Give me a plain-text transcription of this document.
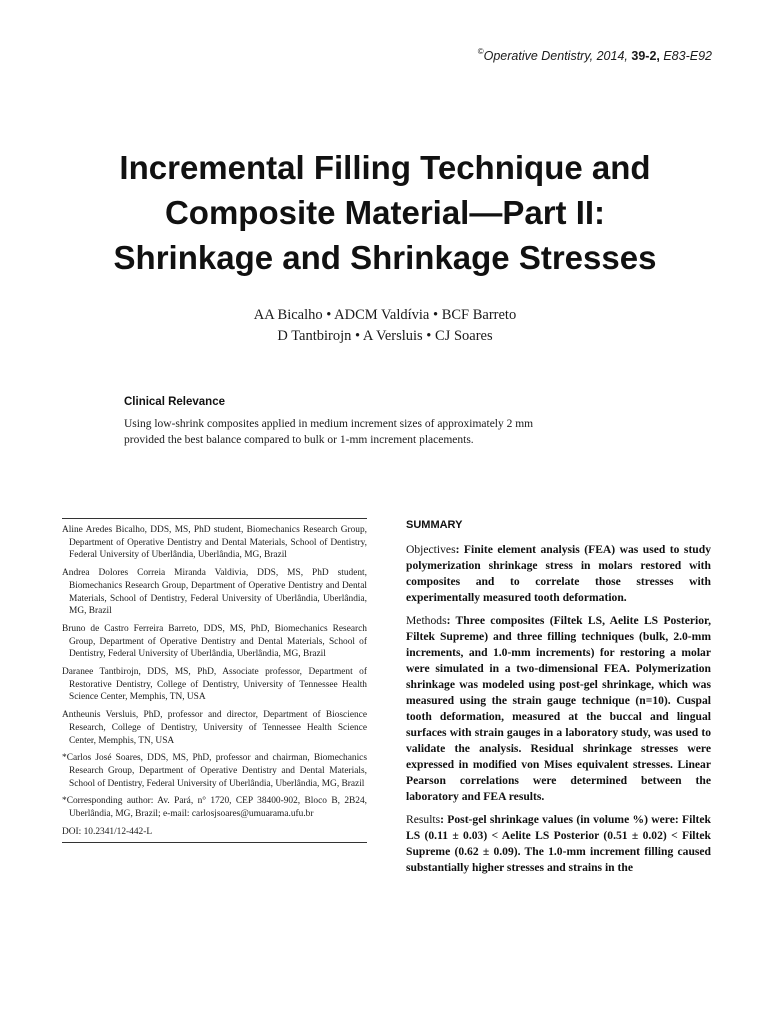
©Operative Dentistry, 2014, 39-2, E83-E92
Incremental Filling Technique and
Composite Material—Part II:
Shrinkage and Shrinkage Stresses
AA Bicalho • ADCM Valdívia • BCF Barreto
D Tantbirojn • A Versluis • CJ Soares
Clinical Relevance
Using low-shrink composites applied in medium increment sizes of approximately 2 mm
provided the best balance compared to bulk or 1-mm increment placements.

Aline Aredes Bicalho, DDS, MS, PhD student, Biomechanics Research Group, Department of Operative Dentistry and Dental Materials, School of Dentistry, Federal University of Uberlândia, Uberlândia, MG, Brazil

Andrea Dolores Correia Miranda Valdivia, DDS, MS, PhD student, Biomechanics Research Group, Department of Operative Dentistry and Dental Materials, School of Dentistry, Federal University of Uberlândia, Uberlândia, MG, Brazil

Bruno de Castro Ferreira Barreto, DDS, MS, PhD, Biomechanics Research Group, Department of Operative Dentistry and Dental Materials, School of Dentistry, Federal University of Uberlândia, Uberlândia, MG, Brazil

Daranee Tantbirojn, DDS, MS, PhD, Associate professor, Department of Restorative Dentistry, College of Dentistry, University of Tennessee Health Science Center, Memphis, TN, USA

Antheunis Versluis, PhD, professor and director, Department of Bioscience Research, College of Dentistry, University of Tennessee Health Science Center, Memphis, TN, USA

*Carlos José Soares, DDS, MS, PhD, professor and chairman, Biomechanics Research Group, Department of Operative Dentistry and Dental Materials, School of Dentistry, Federal University of Uberlândia, Uberlândia, MG, Brazil

*Corresponding author: Av. Pará, n° 1720, CEP 38400-902, Bloco B, 2B24, Uberlândia, MG, Brazil; e-mail: carlosjsoares@umuarama.ufu.br

DOI: 10.2341/12-442-L

SUMMARY

Objectives: Finite element analysis (FEA) was used to study polymerization shrinkage stress in molars restored with composites and to correlate those stresses with experimentally measured tooth deformation.

Methods: Three composites (Filtek LS, Aelite LS Posterior, Filtek Supreme) and three filling techniques (bulk, 2.0-mm increments, and 1.0-mm increments) for restoring a molar were simulated in a two-dimensional FEA. Polymerization shrinkage was modeled using post-gel shrinkage, which was measured using the strain gauge technique (n=10). Cuspal tooth deformation, measured at the buccal and lingual surfaces with strain gauges in a laboratory study, was used to validate the analysis. Residual shrinkage stresses were expressed in modified von Mises equivalent stresses. Linear Pearson correlations were determined between the laboratory and FEA results.

Results: Post-gel shrinkage values (in volume %) were: Filtek LS (0.11 ± 0.03) < Aelite LS Posterior (0.51 ± 0.02) < Filtek Supreme (0.62 ± 0.09). The 1.0-mm increment filling caused substantially higher stresses and strains in the
